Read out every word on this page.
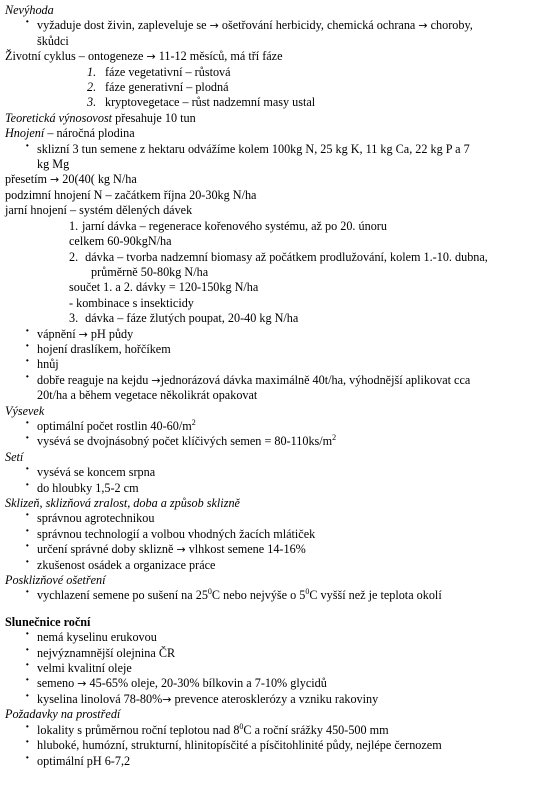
Nevýhoda
· vyžaduje dost živin, zapleveluje se → ošetřování herbicidy, chemická ochrana → choroby,
škůdci
Životní cyklus – ontogeneze → 11-12 měsíců, má tří fáze
1. fáze vegetativní – růstová
2. fáze generativní – plodná
3. kryptovegetace – růst nadzemní masy ustal
Teoretická výnosovost přesahuje 10 tun
Hnojení – náročná plodina
· sklizní 3 tun semene z hektaru odvážíme kolem 100kg N, 25 kg K, 11 kg Ca, 22 kg P a 7
kg Mg
přesetím → 20(40( kg N/ha
podzimní hnojení N – začátkem října 20-30kg N/ha
jarní hnojení – systém dělených dávek
1. jarní dávka – regenerace kořenového systému, až po 20. únoru
celkem 60-90kgN/ha
2. dávka – tvorba nadzemní biomasy až počátkem prodlužování, kolem 1.-10. dubna,
průměrně 50-80kg N/ha
součet 1. a 2. dávky = 120-150kg N/ha
- kombinace s insekticidy
3. dávka – fáze žlutých poupat, 20-40 kg N/ha
· vápnění → pH půdy
· hojení draslíkem, hořčíkem
· hnůj
· dobře reaguje na kejdu →jednorázová dávka maximálně 40t/ha, výhodnější aplikovat cca
20t/ha a během vegetace několikrát opakovat
Výsevek
· optimální počet rostlin $40-60/m^2$
· vysévá se dvojnásobný počet klíčivých semen = $80-110ks/m^2$
Setí
· vysévá se koncem srpna
· do hloubky 1,5-2 cm
Sklizeň, sklizňová zralost, doba a způsob sklizně
· správnou agrotechnikou
· správnou technologií a volbou vhodných žacích mlátiček
· určení správné doby sklizně → vlhkost semene 14-16%
· zkušenost osádek a organizace práce
Posklizňové ošetření
· vychlazení semene po sušení na $25^0C$ nebo nejvýše o $5^0C$ vyšší než je teplota okolí
Slunečnice roční
· nemá kyselinu erukovou
· nejvýznamnější olejnina ČR
· velmi kvalitní oleje
· semeno → 45-65% oleje, 20-30% bílkovin a 7-10% glycidů
· kyselina linolová 78-80%→ prevence aterosklerózy a vzniku rakoviny
Požadavky na prostředí
· lokality s průměrnou roční teplotou nad $8^0C$ a roční srážky 450-500 mm
· hluboké, humózní, strukturní, hlinitopísčité a písčitohlinité půdy, nejlépe černozem
· optimální pH 6-7,2
